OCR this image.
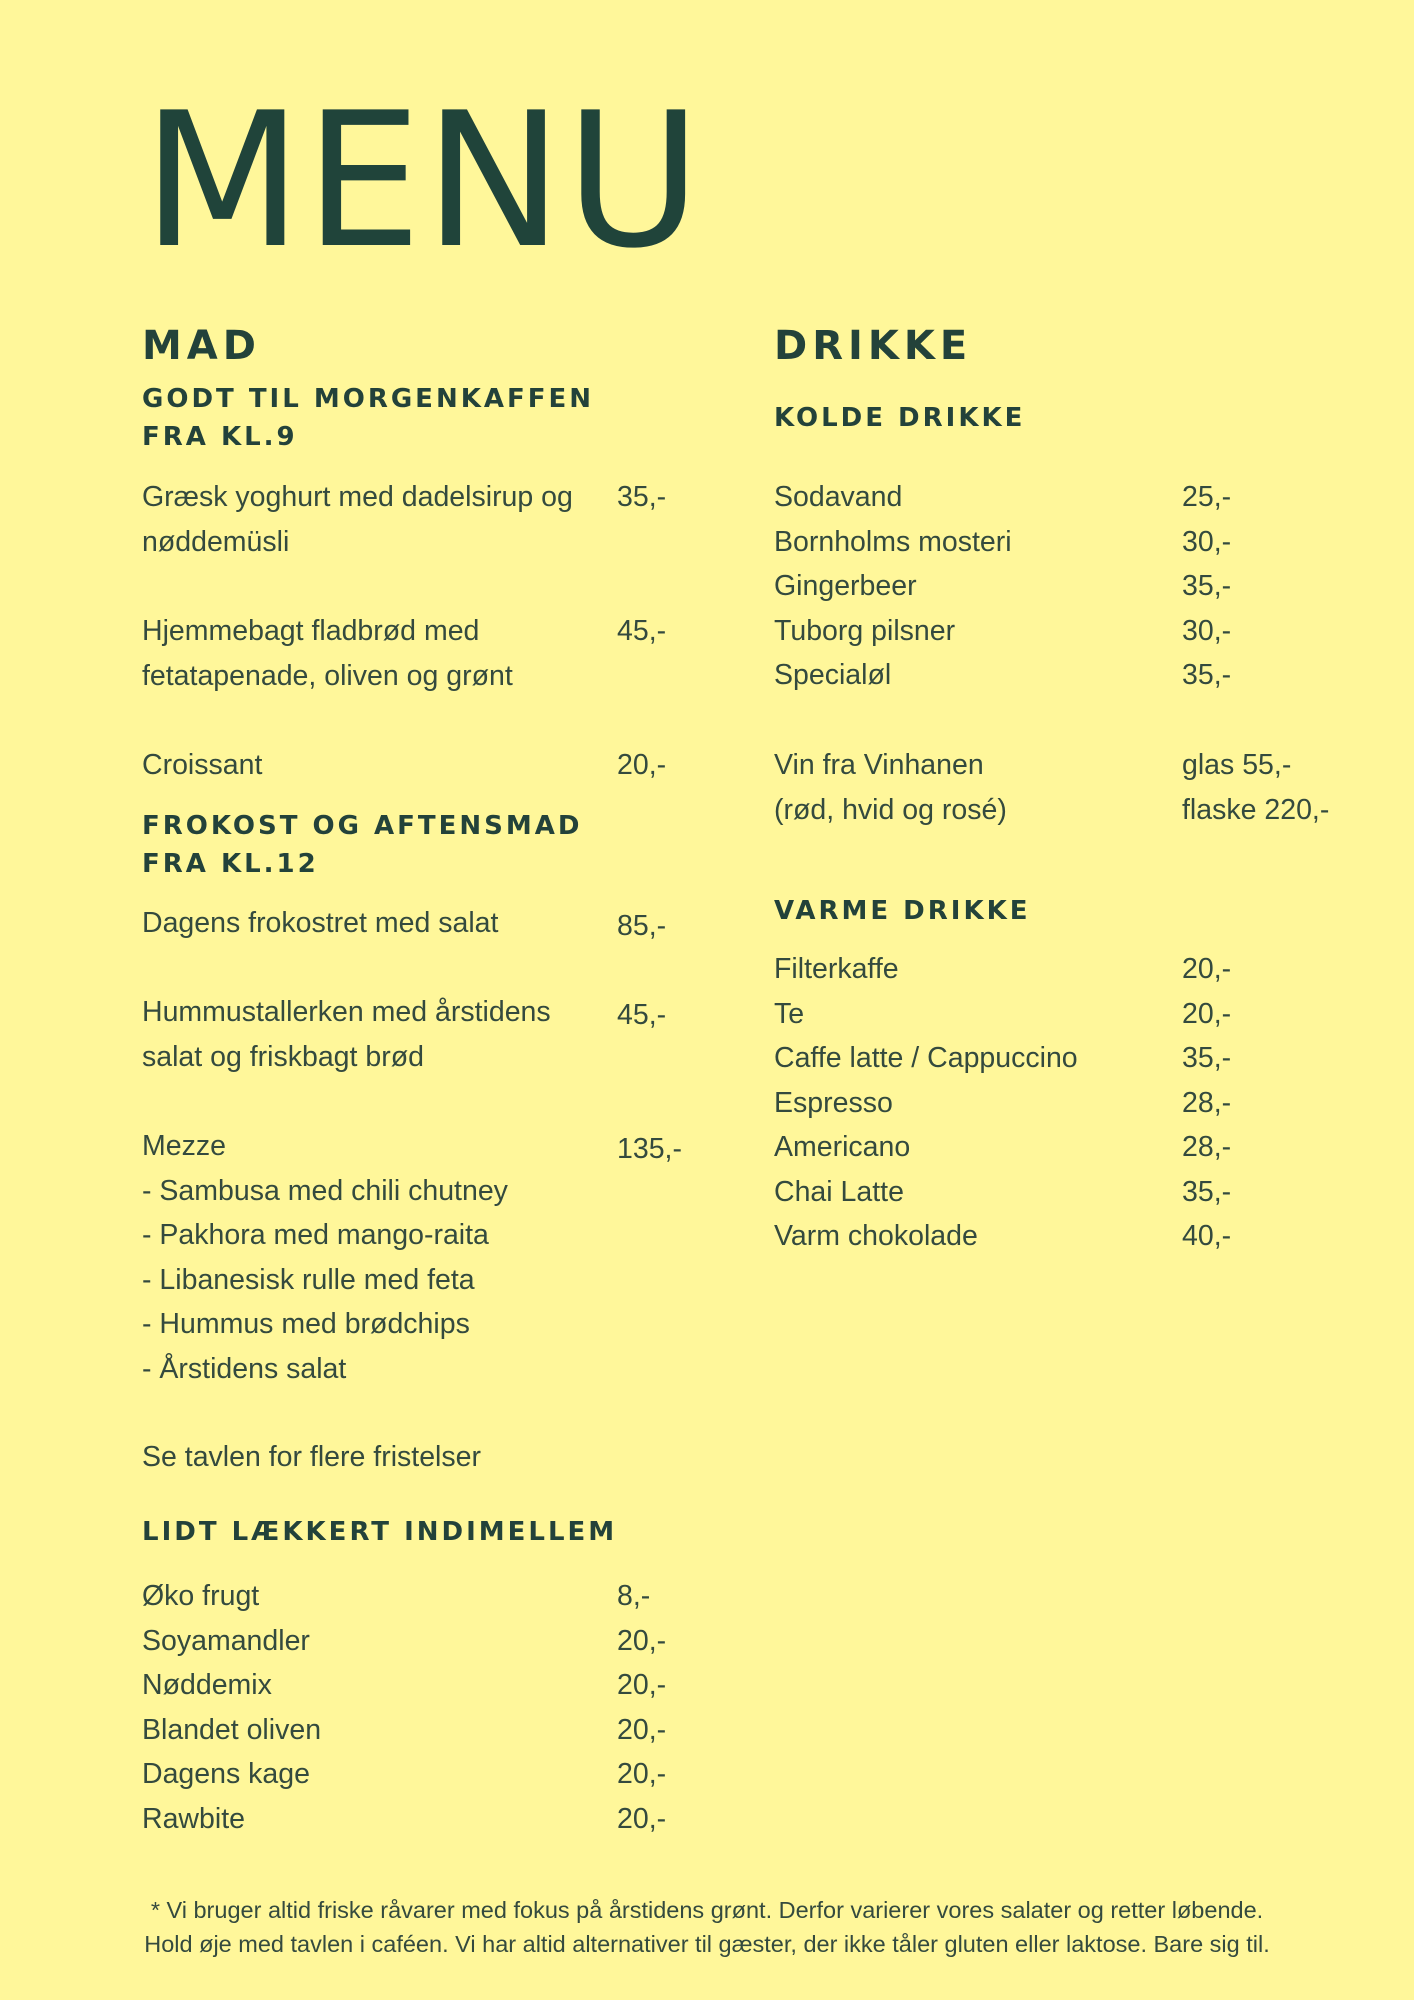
MENU
MAD
GODT TIL MORGENKAFFEN
FRA KL.9
Græsk yoghurt med dadelsirup og
nøddemüsli
35,-
Hjemmebagt fladbrød med
fetatapenade, oliven og grønt
45,-
Croissant	20,-
FROKOST OG AFTENSMAD
FRA KL.12
Dagens frokostret med salat	85,-
Hummustallerken med årstidens
salat og friskbagt brød
45,-
Mezze
- Sambusa med chili chutney
- Pakhora med mango-raita
- Libanesisk rulle med feta
- Hummus med brødchips
- Årstidens salat
135,-
Se tavlen for flere fristelser
LIDT LÆKKERT INDIMELLEM
Øko frugt
Soyamandler
Nøddemix
Blandet oliven
Dagens kage
Rawbite
8,-
20,-
20,-
20,-
20,-
20,-
DRIKKE
KOLDE DRIKKE
Sodavand
Bornholms mosteri
Gingerbeer
Tuborg pilsner
Specialøl
25,-
30,-
35,-
30,-
35,-
Vin fra Vinhanen
(rød, hvid og rosé)
glas 55,-
flaske 220,-
VARME DRIKKE
Filterkaffe
Te
Caffe latte / Cappuccino
Espresso
Americano
Chai Latte
Varm chokolade
20,-
20,-
35,-
28,-
28,-
35,-
40,-
* Vi bruger altid friske råvarer med fokus på årstidens grønt. Derfor varierer vores salater og retter løbende.
Hold øje med tavlen i caféen. Vi har altid alternativer til gæster, der ikke tåler gluten eller laktose. Bare sig til.
